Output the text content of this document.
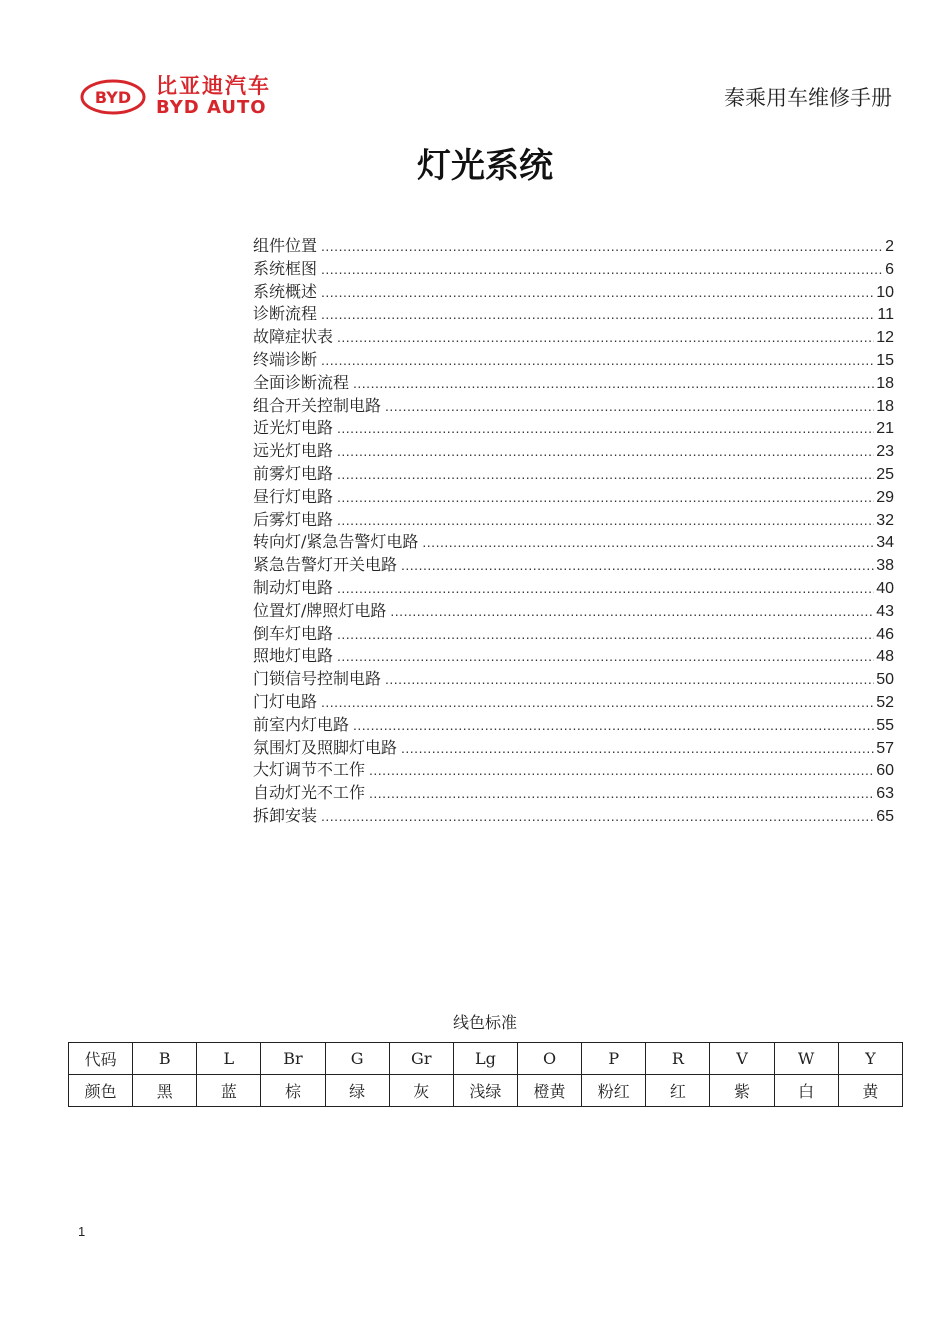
BYD 比亚迪汽车
BYD AUTO	秦乘用车维修手册
灯光系统
组件位置 .....	2
系统框图 .....	6
系统概述 .....	10
诊断流程 .....	11
故障症状表 .....	12
终端诊断 .....	15
全面诊断流程 .....	18
组合开关控制电路 .....	18
近光灯电路 .....	21
远光灯电路 .....	23
前雾灯电路 .....	25
昼行灯电路 .....	29
后雾灯电路 .....	32
转向灯/紧急告警灯电路 .....	34
紧急告警灯开关电路 .....	38
制动灯电路 .....	40
位置灯/牌照灯电路 .....	43
倒车灯电路 .....	46
照地灯电路 .....	48
门锁信号控制电路 .....	50
门灯电路 .....	52
前室内灯电路 .....	55
氛围灯及照脚灯电路 .....	57
大灯调节不工作 .....	60
自动灯光不工作 .....	63
拆卸安装 .....	65
线色标准
代码	B	L	Br	G	Gr	Lg	O	P	R	V	W	Y
颜色	黑	蓝	棕	绿	灰	浅绿	橙黄	粉红	红	紫	白	黄
1
